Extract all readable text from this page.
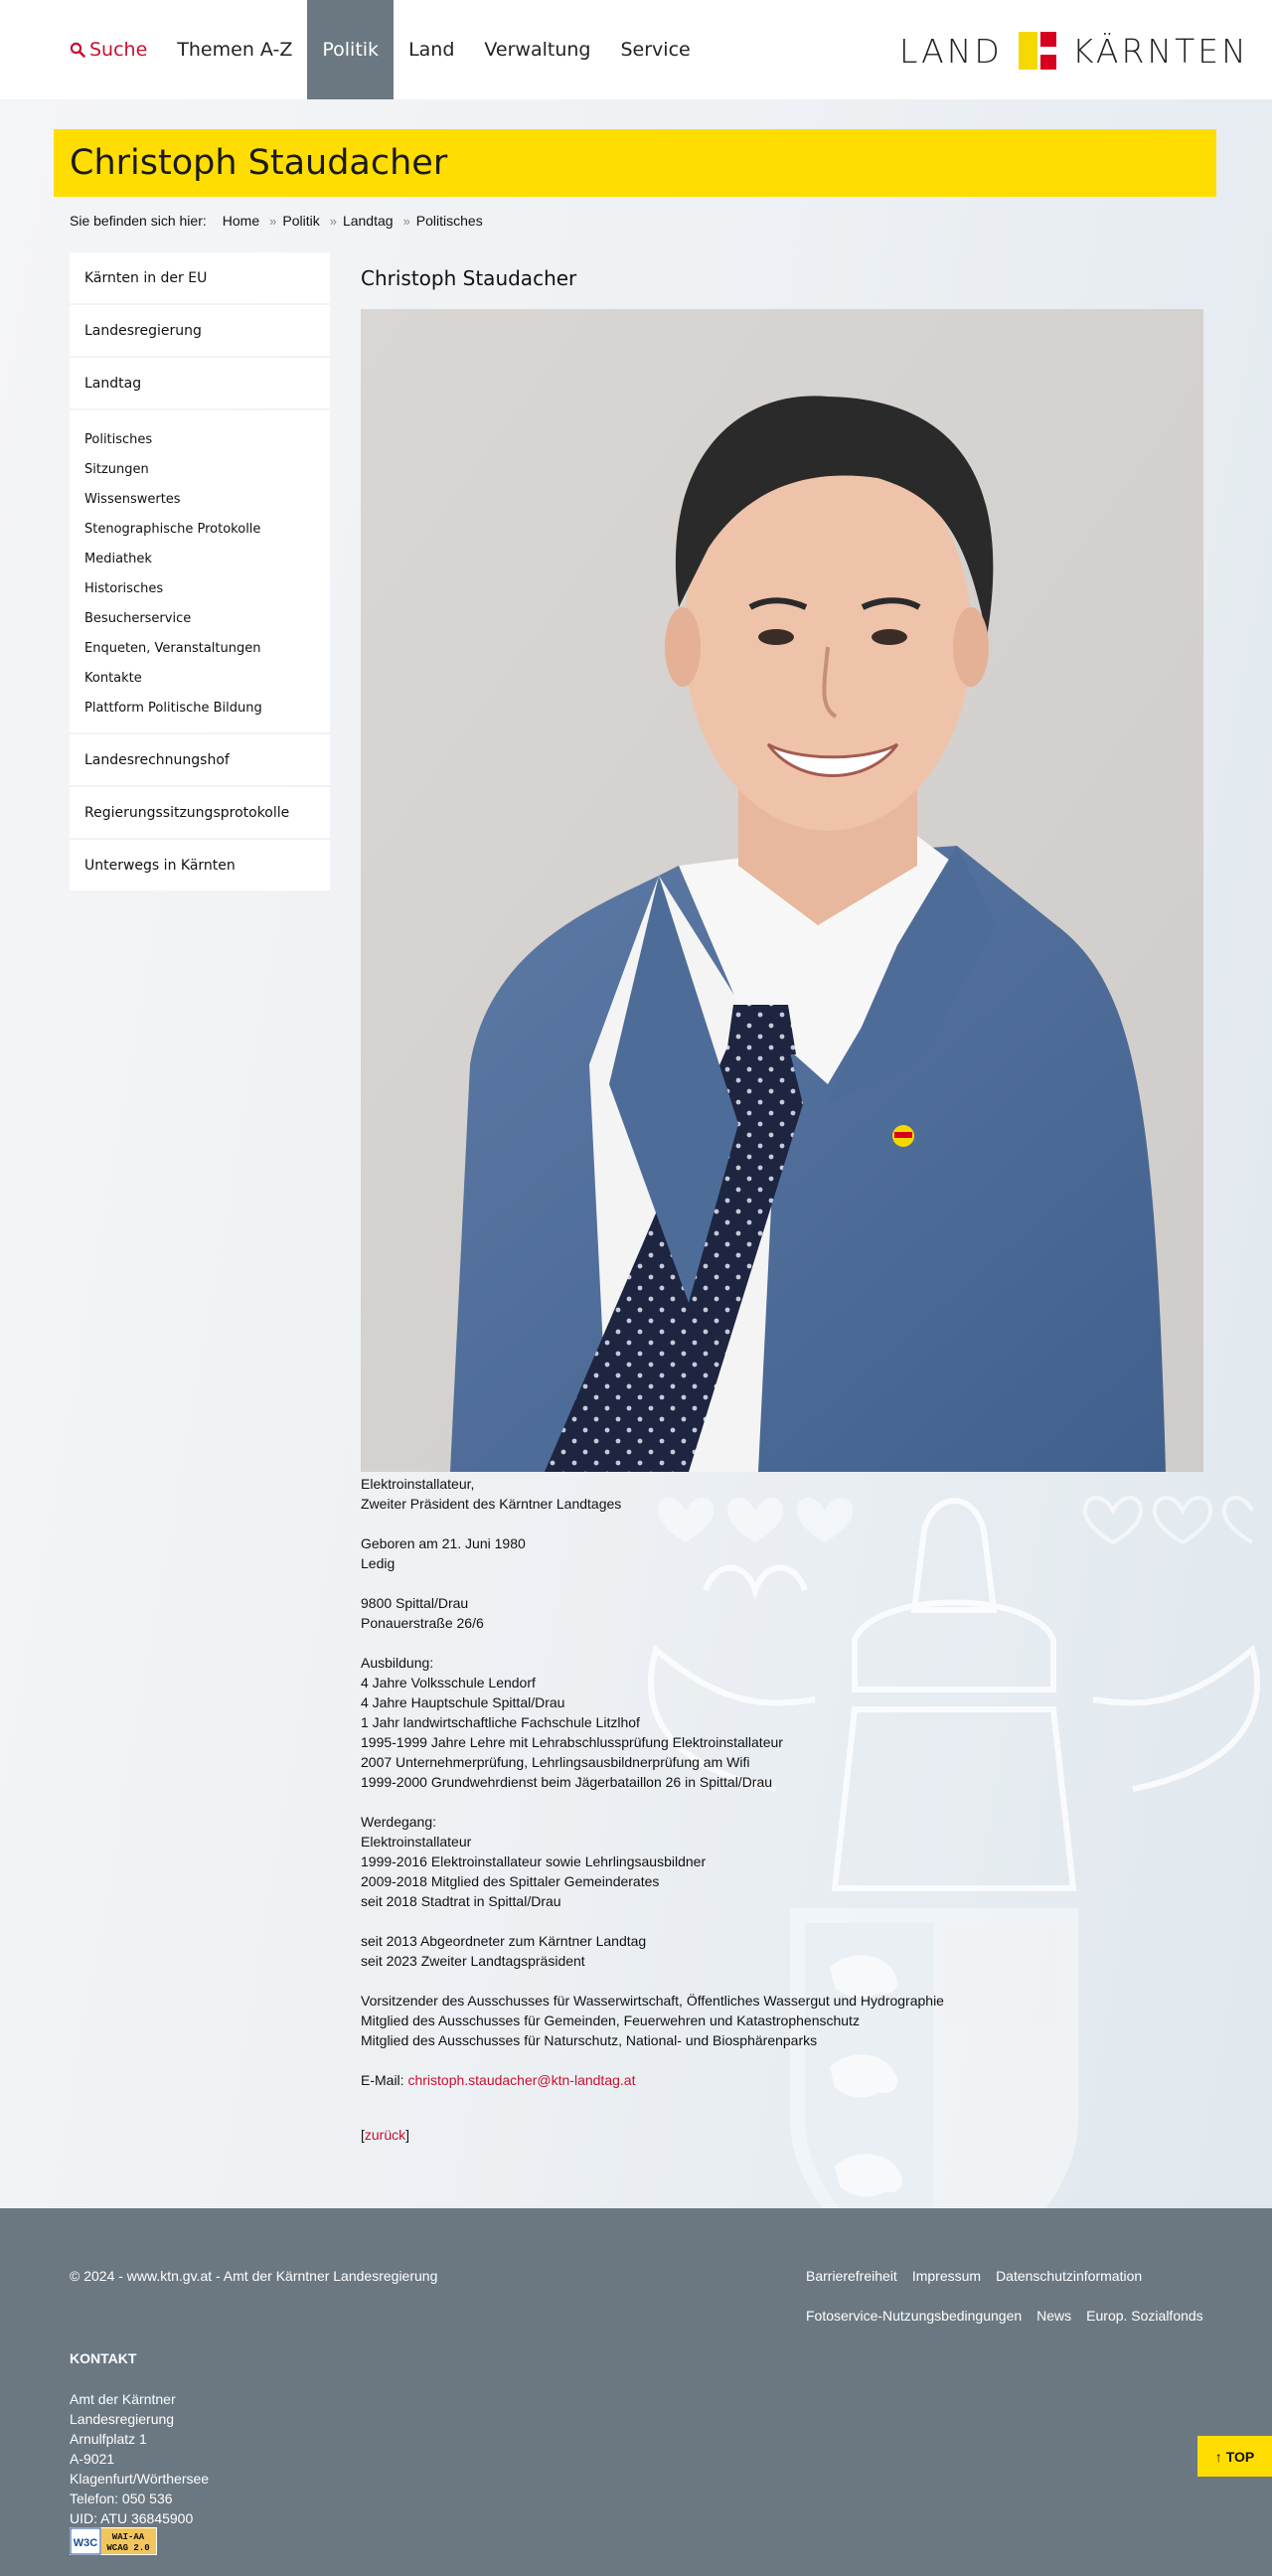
Suche	Themen A-Z	Politik	Land	Verwaltung	Service	LAND KÄRNTEN
Christoph Staudacher
Sie befinden sich hier: Home » Politik » Landtag » Politisches
Kärnten in der EU
Landesregierung
Landtag
Politisches
Sitzungen
Wissenswertes
Stenographische Protokolle
Mediathek
Historisches
Besucherservice
Enqueten, Veranstaltungen
Kontakte
Plattform Politische Bildung
Landesrechnungshof
Regierungssitzungsprotokolle
Unterwegs in Kärnten
Christoph Staudacher
Elektroinstallateur,
Zweiter Präsident des Kärntner Landtages
Geboren am 21. Juni 1980
Ledig
9800 Spittal/Drau
Ponauerstraße 26/6
Ausbildung:
4 Jahre Volksschule Lendorf
4 Jahre Hauptschule Spittal/Drau
1 Jahr landwirtschaftliche Fachschule Litzlhof
1995-1999 Jahre Lehre mit Lehrabschlussprüfung Elektroinstallateur
2007 Unternehmerprüfung, Lehrlingsausbildnerprüfung am Wifi
1999-2000 Grundwehrdienst beim Jägerbataillon 26 in Spittal/Drau
Werdegang:
Elektroinstallateur
1999-2016 Elektroinstallateur sowie Lehrlingsausbildner
2009-2018 Mitglied des Spittaler Gemeinderates
seit 2018 Stadtrat in Spittal/Drau
seit 2013 Abgeordneter zum Kärntner Landtag
seit 2023 Zweiter Landtagspräsident
Vorsitzender des Ausschusses für Wasserwirtschaft, Öffentliches Wassergut und Hydrographie
Mitglied des Ausschusses für Gemeinden, Feuerwehren und Katastrophenschutz
Mitglied des Ausschusses für Naturschutz, National- und Biosphärenparks
E-Mail: christoph.staudacher@ktn-landtag.at
[zurück]
© 2024 - www.ktn.gv.at - Amt der Kärntner Landesregierung	Barrierefreiheit Impressum Datenschutzinformation
Fotoservice-Nutzungsbedingungen News Europ. Sozialfonds
KONTAKT
Amt der Kärntner
Landesregierung
Arnulfplatz 1
A-9021
Klagenfurt/Wörthersee
Telefon: 050 536
UID: ATU 36845900
W3C WAI-AA
WCAG 2.0
↑ TOP
